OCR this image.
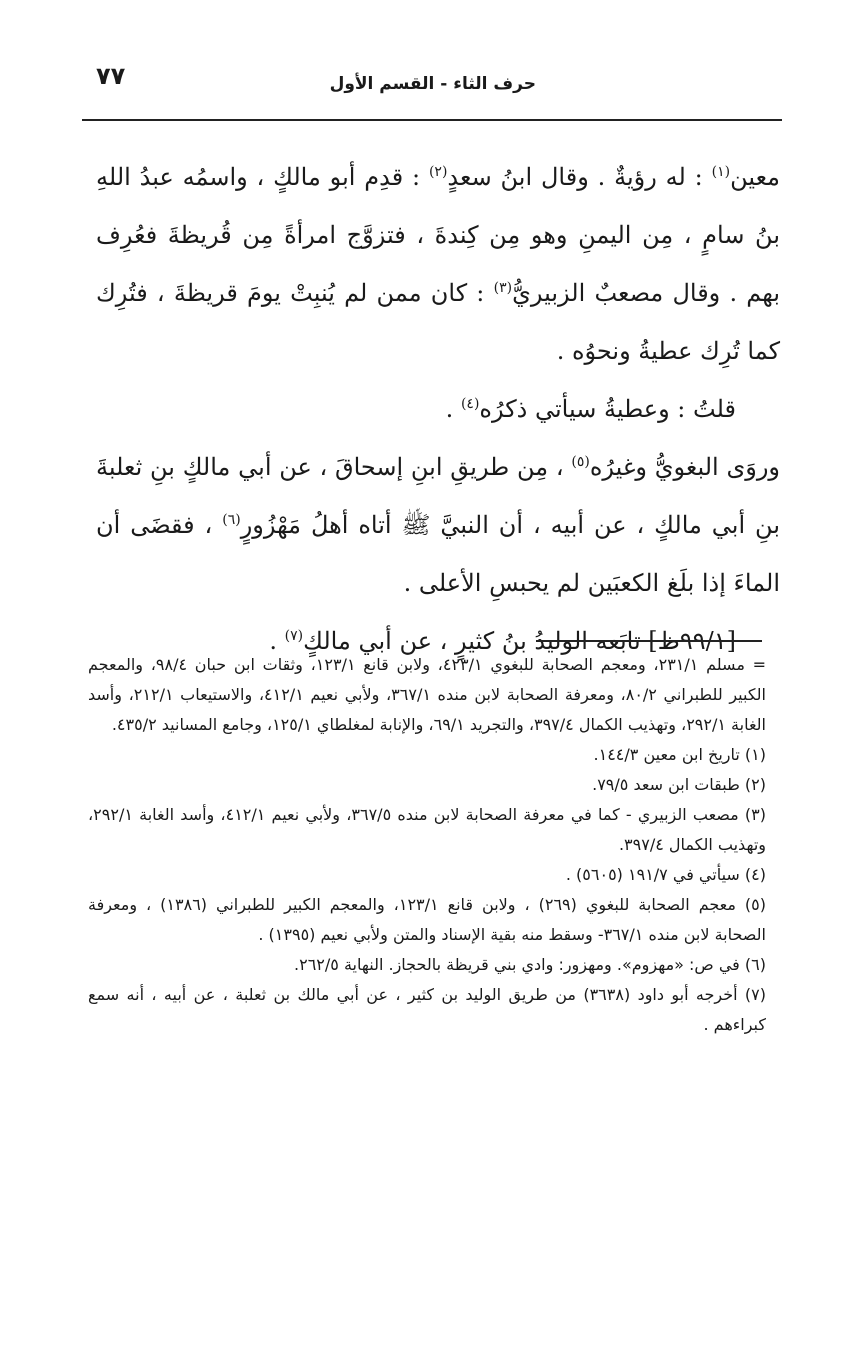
٧٧	حرف الثاء - القسم الأول

معين$^{(١)}$ : له رؤيةٌ . وقال ابنُ سعدٍ$^{(٢)}$ : قدِم أبو مالكٍ ، واسمُه عبدُ اللهِ بنُ سامٍ ، مِن اليمنِ وهو مِن كِندةَ ، فتزوَّج امرأةً مِن قُريظةَ فعُرِف بهم . وقال مصعبٌ الزبيريُّ$^{(٣)}$ : كان ممن لم يُنبِتْ يومَ قريظةَ ، فتُرِك كما تُرِك عطيةُ ونحوُه .

قلتُ : وعطيةُ سيأتي ذكرُه$^{(٤)}$ .

وروَى البغويُّ وغيرُه$^{(٥)}$ ، مِن طريقِ ابنِ إسحاقَ ، عن أبي مالكٍ بنِ ثعلبةَ بنِ أبي مالكٍ ، عن أبيه ، أن النبيَّ ﷺ أتاه أهلُ مَهْزُورٍ$^{(٦)}$ ، فقضَى أن الماءَ إذا بلَغ الكعبَين لم يحبسِ الأعلى .

[٩٩/١ظ] تابَعه الوليدُ بنُ كثيرٍ ، عن أبي مالكٍ$^{(٧)}$ .

= مسلم ٢٣١/١، ومعجم الصحابة للبغوي ٤٢٣/١، ولابن قانع ١٢٣/١، وثقات ابن حبان ٩٨/٤، والمعجم الكبير للطبراني ٨٠/٢، ومعرفة الصحابة لابن منده ٣٦٧/١، ولأبي نعيم ٤١٢/١، والاستيعاب ٢١٢/١، وأسد الغابة ٢٩٢/١، وتهذيب الكمال ٣٩٧/٤، والتجريد ٦٩/١، والإنابة لمغلطاي ١٢٥/١، وجامع المسانيد ٤٣٥/٢.

(١) تاريخ ابن معين ١٤٤/٣.

(٢) طبقات ابن سعد ٧٩/٥.

(٣) مصعب الزبيري - كما في معرفة الصحابة لابن منده ٣٦٧/٥، ولأبي نعيم ٤١٢/١، وأسد الغابة ٢٩٢/١، وتهذيب الكمال ٣٩٧/٤.

(٤) سيأتي في ١٩١/٧ (٥٦٠٥) .

(٥) معجم الصحابة للبغوي (٢٦٩) ، ولابن قانع ١٢٣/١، والمعجم الكبير للطبراني (١٣٨٦) ، ومعرفة الصحابة لابن منده ٣٦٧/١- وسقط منه بقية الإسناد والمتن ولأبي نعيم (١٣٩٥) .

(٦) في ص: «مهزوم». ومهزور: وادي بني قريظة بالحجاز. النهاية ٢٦٢/٥.

(٧) أخرجه أبو داود (٣٦٣٨) من طريق الوليد بن كثير ، عن أبي مالك بن ثعلبة ، عن أبيه ، أنه سمع كبراءهم .
